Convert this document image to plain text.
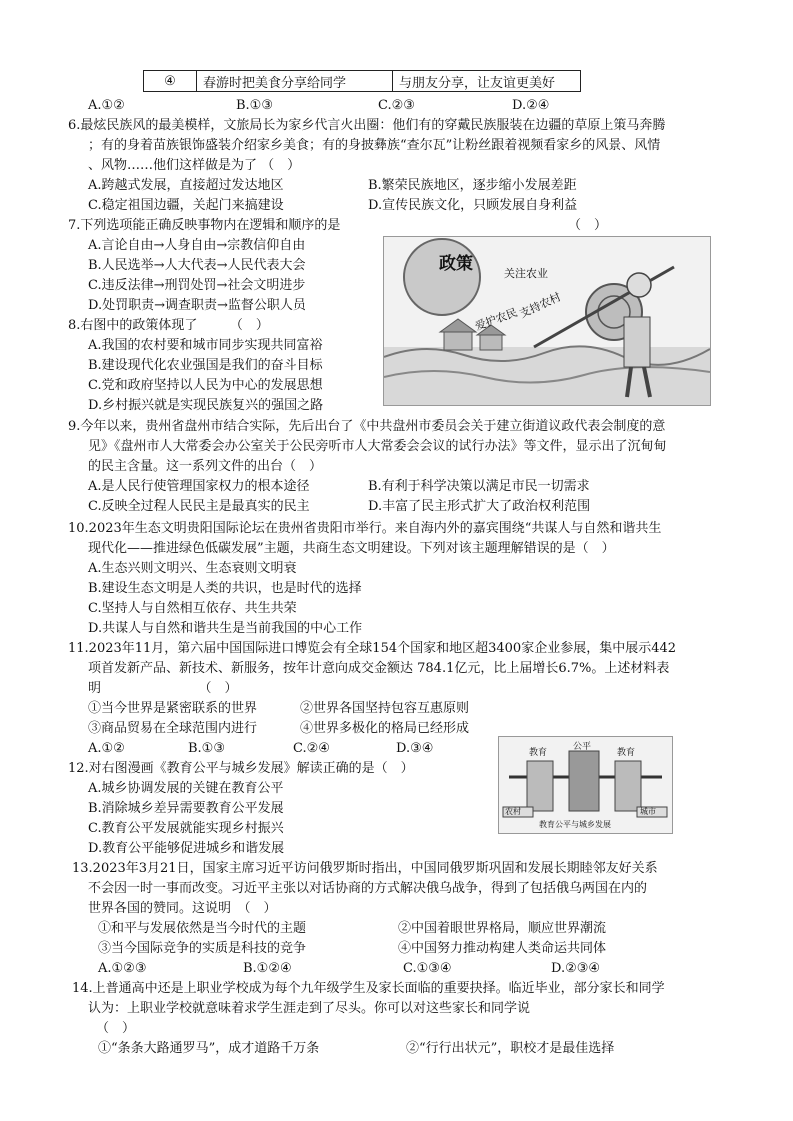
④	春游时把美食分享给同学	与朋友分享，让友谊更美好
A.①②	B.①③	C.②③	D.②④
6.最炫民族风的最美模样，文旅局长为家乡代言火出圈：他们有的穿戴民族服装在边疆的草原上策马奔腾
；有的身着苗族银饰盛装介绍家乡美食；有的身披彝族“查尔瓦”让粉丝跟着视频看家乡的风景、风情
、风物……他们这样做是为了 （　）
A.跨越式发展，直接超过发达地区	B.繁荣民族地区，逐步缩小发展差距
C.稳定祖国边疆，关起门来搞建设	D.宣传民族文化，只顾发展自身利益
7.下列选项能正确反映事物内在逻辑和顺序的是	（　）
A.言论自由→人身自由→宗教信仰自由
B.人民选举→人大代表→人民代表大会
C.违反法律→刑罚处罚→社会文明进步
D.处罚职责→调查职责→监督公职人员
8.右图中的政策体现了　　　（　）
A.我国的农村要和城市同步实现共同富裕
B.建设现代化农业强国是我们的奋斗目标
C.党和政府坚持以人民为中心的发展思想
D.乡村振兴就是实现民族复兴的强国之路
政策	关注农业
支持农村
爱护农民
9.今年以来，贵州省盘州市结合实际，先后出台了《中共盘州市委员会关于建立街道议政代表会制度的意
见》《盘州市人大常委会办公室关于公民旁听市人大常委会会议的试行办法》等文件，显示出了沉甸甸
的民主含量。这一系列文件的出台（　）
A.是人民行使管理国家权力的根本途径	B.有利于科学决策以满足市民一切需求
C.反映全过程人民民主是最真实的民主	D.丰富了民主形式扩大了政治权利范围
10.2023年生态文明贵阳国际论坛在贵州省贵阳市举行。来自海内外的嘉宾围绕“共谋人与自然和谐共生
现代化——推进绿色低碳发展”主题，共商生态文明建设。下列对该主题理解错误的是（　）
A.生态兴则文明兴、生态衰则文明衰
B.建设生态文明是人类的共识，也是时代的选择
C.坚持人与自然相互依存、共生共荣
D.共谋人与自然和谐共生是当前我国的中心工作
11.2023年11月，第六届中国国际进口博览会有全球154个国家和地区超3400家企业参展，集中展示442
项首发新产品、新技术、新服务，按年计意向成交金额达 784.1亿元，比上届增长6.7%。上述材料表
明　　　　　　　　（　）
①当今世界是紧密联系的世界	②世界各国坚持包容互惠原则
③商品贸易在全球范围内进行	④世界多极化的格局已经形成
A.①②	B.①③	C.②④	D.③④
12.对右图漫画《教育公平与城乡发展》解读正确的是（　）
A.城乡协调发展的关键在教育公平
B.消除城乡差异需要教育公平发展
C.教育公平发展就能实现乡村振兴
D.教育公平能够促进城乡和谐发展
教育
公平
教育
农村	城市
教育公平与城乡发展
13.2023年3月21日，国家主席习近平访问俄罗斯时指出，中国同俄罗斯巩固和发展长期睦邻友好关系
不会因一时一事而改变。习近平主张以对话协商的方式解决俄乌战争，得到了包括俄乌两国在内的
世界各国的赞同。这说明　（　）
①和平与发展依然是当今时代的主题	②中国着眼世界格局，顺应世界潮流
③当今国际竞争的实质是科技的竞争	④中国努力推动构建人类命运共同体
A.①②③	B.①②④	C.①③④	D.②③④
14.上普通高中还是上职业学校成为每个九年级学生及家长面临的重要抉择。临近毕业，部分家长和同学
认为：上职业学校就意味着求学生涯走到了尽头。你可以对这些家长和同学说
（　）
①“条条大路通罗马”，成才道路千万条	②“行行出状元”，职校才是最佳选择
